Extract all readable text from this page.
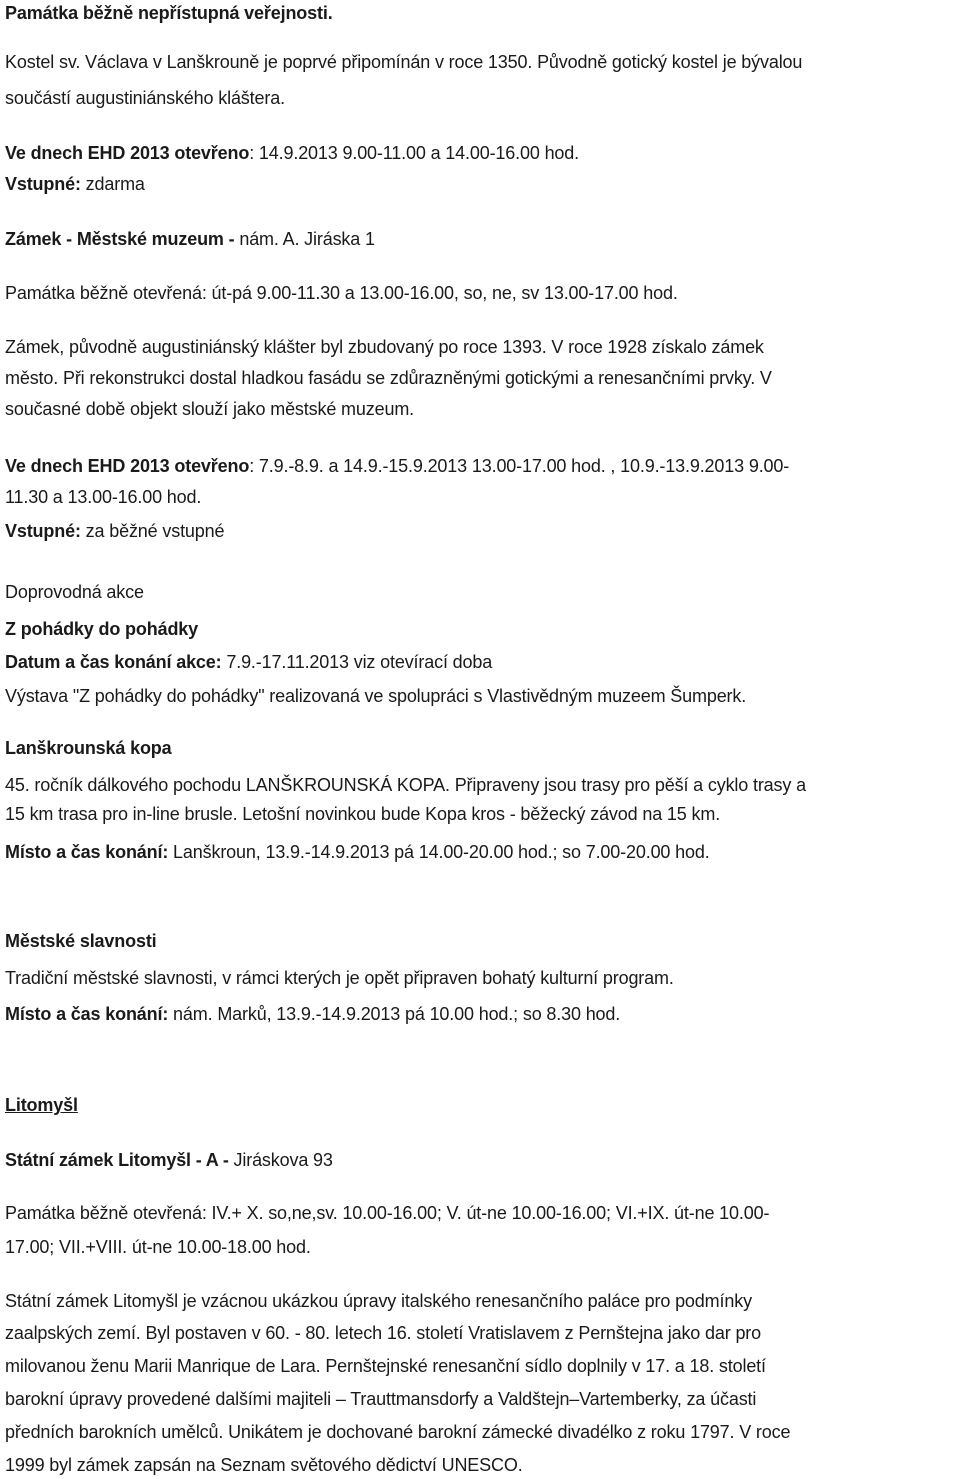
Památka běžně nepřístupná veřejnosti.
Kostel sv. Václava v Lanškrouně je poprvé připomínán v roce 1350. Původně gotický kostel je bývalou
součástí augustiniánského kláštera.
Ve dnech EHD 2013 otevřeno: 14.9.2013 9.00-11.00 a 14.00-16.00 hod.
Vstupné: zdarma
Zámek - Městské muzeum - nám. A. Jiráska 1
Památka běžně otevřená: út-pá 9.00-11.30 a 13.00-16.00, so, ne, sv 13.00-17.00 hod.
Zámek, původně augustiniánský klášter byl zbudovaný po roce 1393. V roce 1928 získalo zámek
město. Při rekonstrukci dostal hladkou fasádu se zdůrazněnými gotickými a renesančními prvky. V
současné době objekt slouží jako městské muzeum.
Ve dnech EHD 2013 otevřeno: 7.9.-8.9. a 14.9.-15.9.2013 13.00-17.00 hod. , 10.9.-13.9.2013 9.00-
11.30 a 13.00-16.00 hod.
Vstupné: za běžné vstupné
Doprovodná akce
Z pohádky do pohádky
Datum a čas konání akce: 7.9.-17.11.2013 viz otevírací doba
Výstava "Z pohádky do pohádky" realizovaná ve spolupráci s Vlastivědným muzeem Šumperk.
Lanškrounská kopa
45. ročník dálkového pochodu LANŠKROUNSKÁ KOPA. Připraveny jsou trasy pro pěší a cyklo trasy a
15 km trasa pro in-line brusle. Letošní novinkou bude Kopa kros - běžecký závod na 15 km.
Místo a čas konání: Lanškroun, 13.9.-14.9.2013 pá 14.00-20.00 hod.; so 7.00-20.00 hod.
Městské slavnosti
Tradiční městské slavnosti, v rámci kterých je opět připraven bohatý kulturní program.
Místo a čas konání: nám. Marků, 13.9.-14.9.2013 pá 10.00 hod.; so 8.30 hod.
Litomyšl
Státní zámek Litomyšl - A - Jiráskova 93
Památka běžně otevřená: IV.+ X. so,ne,sv. 10.00-16.00; V. út-ne 10.00-16.00; VI.+IX. út-ne 10.00-
17.00; VII.+VIII. út-ne 10.00-18.00 hod.
Státní zámek Litomyšl je vzácnou ukázkou úpravy italského renesančního paláce pro podmínky
zaalpských zemí. Byl postaven v 60. - 80. letech 16. století Vratislavem z Pernštejna jako dar pro
milovanou ženu Marii Manrique de Lara. Pernštejnské renesanční sídlo doplnily v 17. a 18. století
barokní úpravy provedené dalšími majiteli – Trauttmansdorfy a Valdštejn–Vartemberky, za účasti
předních barokních umělců. Unikátem je dochované barokní zámecké divadélko z roku 1797. V roce
1999 byl zámek zapsán na Seznam světového dědictví UNESCO.
